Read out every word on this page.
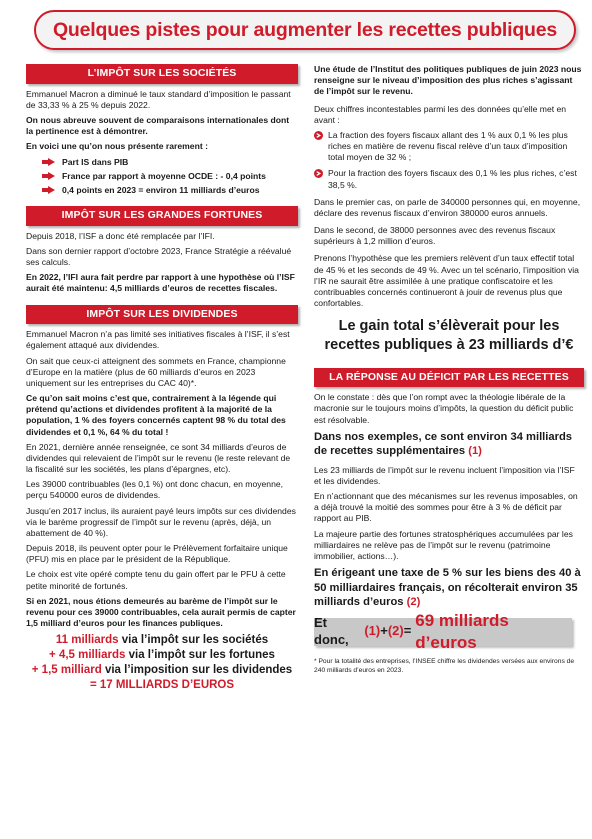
Quelques pistes pour augmenter les recettes publiques
L’IMPÔT SUR LES SOCIÉTÉS

Emmanuel Macron a diminué le taux standard d’imposition le passant de 33,33 % à 25 % depuis 2022.

On nous abreuve souvent de comparaisons internationales dont la pertinence est à démontrer.

En voici une qu’on nous présente rarement :

Part IS dans PIB
France par rapport à moyenne OCDE : - 0,4 points
0,4 points en 2023 = environ 11 milliards d’euros
IMPÔT SUR LES GRANDES FORTUNES

Depuis 2018, l’ISF a donc été remplacée par l’IFI.

Dans son dernier rapport d’octobre 2023, France Stratégie a réévalué ses calculs.

En 2022, l’IFI aura fait perdre par rapport à une hypothèse où l’ISF aurait été maintenu: 4,5 milliards d’euros de recettes fiscales.

IMPÔT SUR LES DIVIDENDES

Emmanuel Macron n’a pas limité ses initiatives fiscales à l’ISF, il s’est également attaqué aux dividendes.

On sait que ceux-ci atteignent des sommets en France, championne d’Europe en la matière (plus de 60 milliards d’euros en 2023 uniquement sur les entreprises du CAC 40)*.

Ce qu’on sait moins c’est que, contrairement à la légende qui prétend qu’actions et dividendes profitent à la majorité de la population, 1 % des foyers concernés captent 98 % du total des dividendes et 0,1 %, 64 % du total !

En 2021, dernière année renseignée, ce sont 34 milliards d’euros de dividendes qui relevaient de l’impôt sur le revenu (le reste relevant de la fiscalité sur les sociétés, les plans d’épargnes, etc).

Les 39000 contribuables (les 0,1 %) ont donc chacun, en moyenne, perçu 540000 euros de dividendes.

Jusqu’en 2017 inclus, ils auraient payé leurs impôts sur ces dividendes via le barème progressif de l’impôt sur le revenu (après, déjà, un abattement de 40 %).

Depuis 2018, ils peuvent opter pour le Prélèvement forfaitaire unique (PFU) mis en place par le président de la République.

Le choix est vite opéré compte tenu du gain offert par le PFU à cette petite minorité de fortunés.

Si en 2021, nous étions demeurés au barème de l’impôt sur le revenu pour ces 39000 contribuables, cela aurait permis de capter 1,5 milliard d’euros pour les finances publiques.

11 milliards via l’impôt sur les sociétés
+ 4,5 milliards via l’impôt sur les fortunes
+ 1,5 milliard via l’imposition sur les dividendes
= 17 MILLIARDS D’EUROS

Une étude de l’Institut des politiques publiques de juin 2023 nous renseigne sur le niveau d’imposition des plus riches s’agissant de l’impôt sur le revenu.

Deux chiffres incontestables parmi les des données qu’elle met en avant :

La fraction des foyers fiscaux allant des 1 % aux 0,1 % les plus riches en matière de revenu fiscal relève d’un taux d’imposition total moyen de 32 % ;
Pour la fraction des foyers fiscaux des 0,1 % les plus riches, c’est 38,5 %.

Dans le premier cas, on parle de 340000 personnes qui, en moyenne, déclare des revenus fiscaux d’environ 380000 euros annuels.

Dans le second, de 38000 personnes avec des revenus fiscaux supérieurs à 1,2 million d’euros.

Prenons l’hypothèse que les premiers relèvent d’un taux effectif total de 45 % et les seconds de 49 %. Avec un tel scénario, l’imposition via l’IR ne saurait être assimilée à une pratique confiscatoire et les contribuables concernés continueront à jouir de revenus plus que confortables.

Le gain total s’élèverait pour les recettes publiques à 23 milliards d’€
LA RÉPONSE AU DÉFICIT PAR LES RECETTES

On le constate : dès que l’on rompt avec la théologie libérale de la macronie sur le toujours moins d’impôts, la question du déficit public est résolvable.

Dans nos exemples, ce sont environ 34 milliards de recettes supplémentaires (1)

Les 23 milliards de l’impôt sur le revenu incluent l’imposition via l’ISF et les dividendes.

En n’actionnant que des mécanismes sur les revenus imposables, on a déjà trouvé la moitié des sommes pour être à 3 % de déficit par rapport au PIB.

La majeure partie des fortunes stratosphériques accumulées par les milliardaires ne relève pas de l’impôt sur le revenu (patrimoine immobilier, actions…).

En érigeant une taxe de 5 % sur les biens des 40 à 50 milliardaires français, on récolterait environ 35 milliards d’euros (2)
Et donc,
(1) + (2) =
69 milliards d’euros

* Pour la totalité des entreprises, l’INSEE chiffre les dividendes versées aux environs de 240 milliards d’euros en 2023.
